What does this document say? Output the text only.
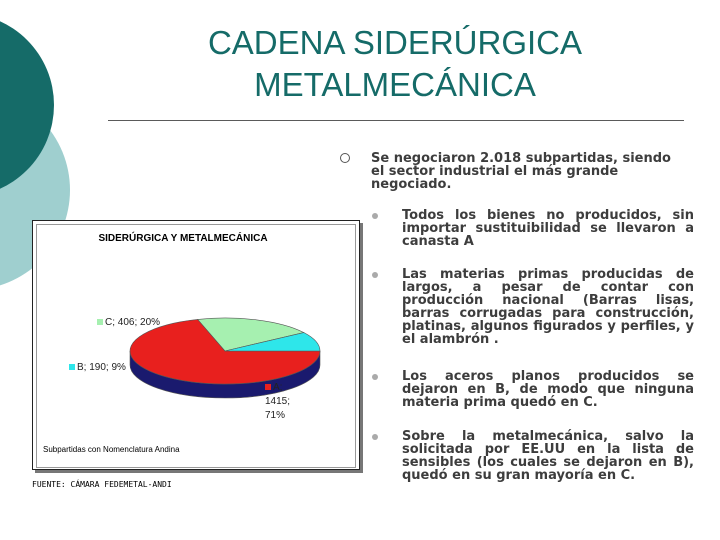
CADENA SIDERÚRGICA
METALMECÁNICA
Se negociaron 2.018 subpartidas, siendo el sector industrial el más grande negociado.
Todos los bienes no producidos, sin importar sustituibilidad se llevaron a canasta A
Las materias primas producidas de largos, a pesar de contar con producción nacional (Barras lisas, barras corrugadas para construcción, platinas, algunos figurados y perfiles, y el alambrón .
Los aceros planos producidos se dejaron en B, de modo que ninguna materia prima quedó en C.
Sobre la metalmecánica, salvo la solicitada por EE.UU en la lista de sensibles (los cuales se dejaron en B), quedó en su gran mayoría en C.
SIDERÚRGICA Y METALMECÁNICA
C; 406; 20%
B; 190; 9%
A; 1415; 71%
Subpartidas con Nomenclatura Andina
FUENTE: CÁMARA FEDEMETAL-ANDI
